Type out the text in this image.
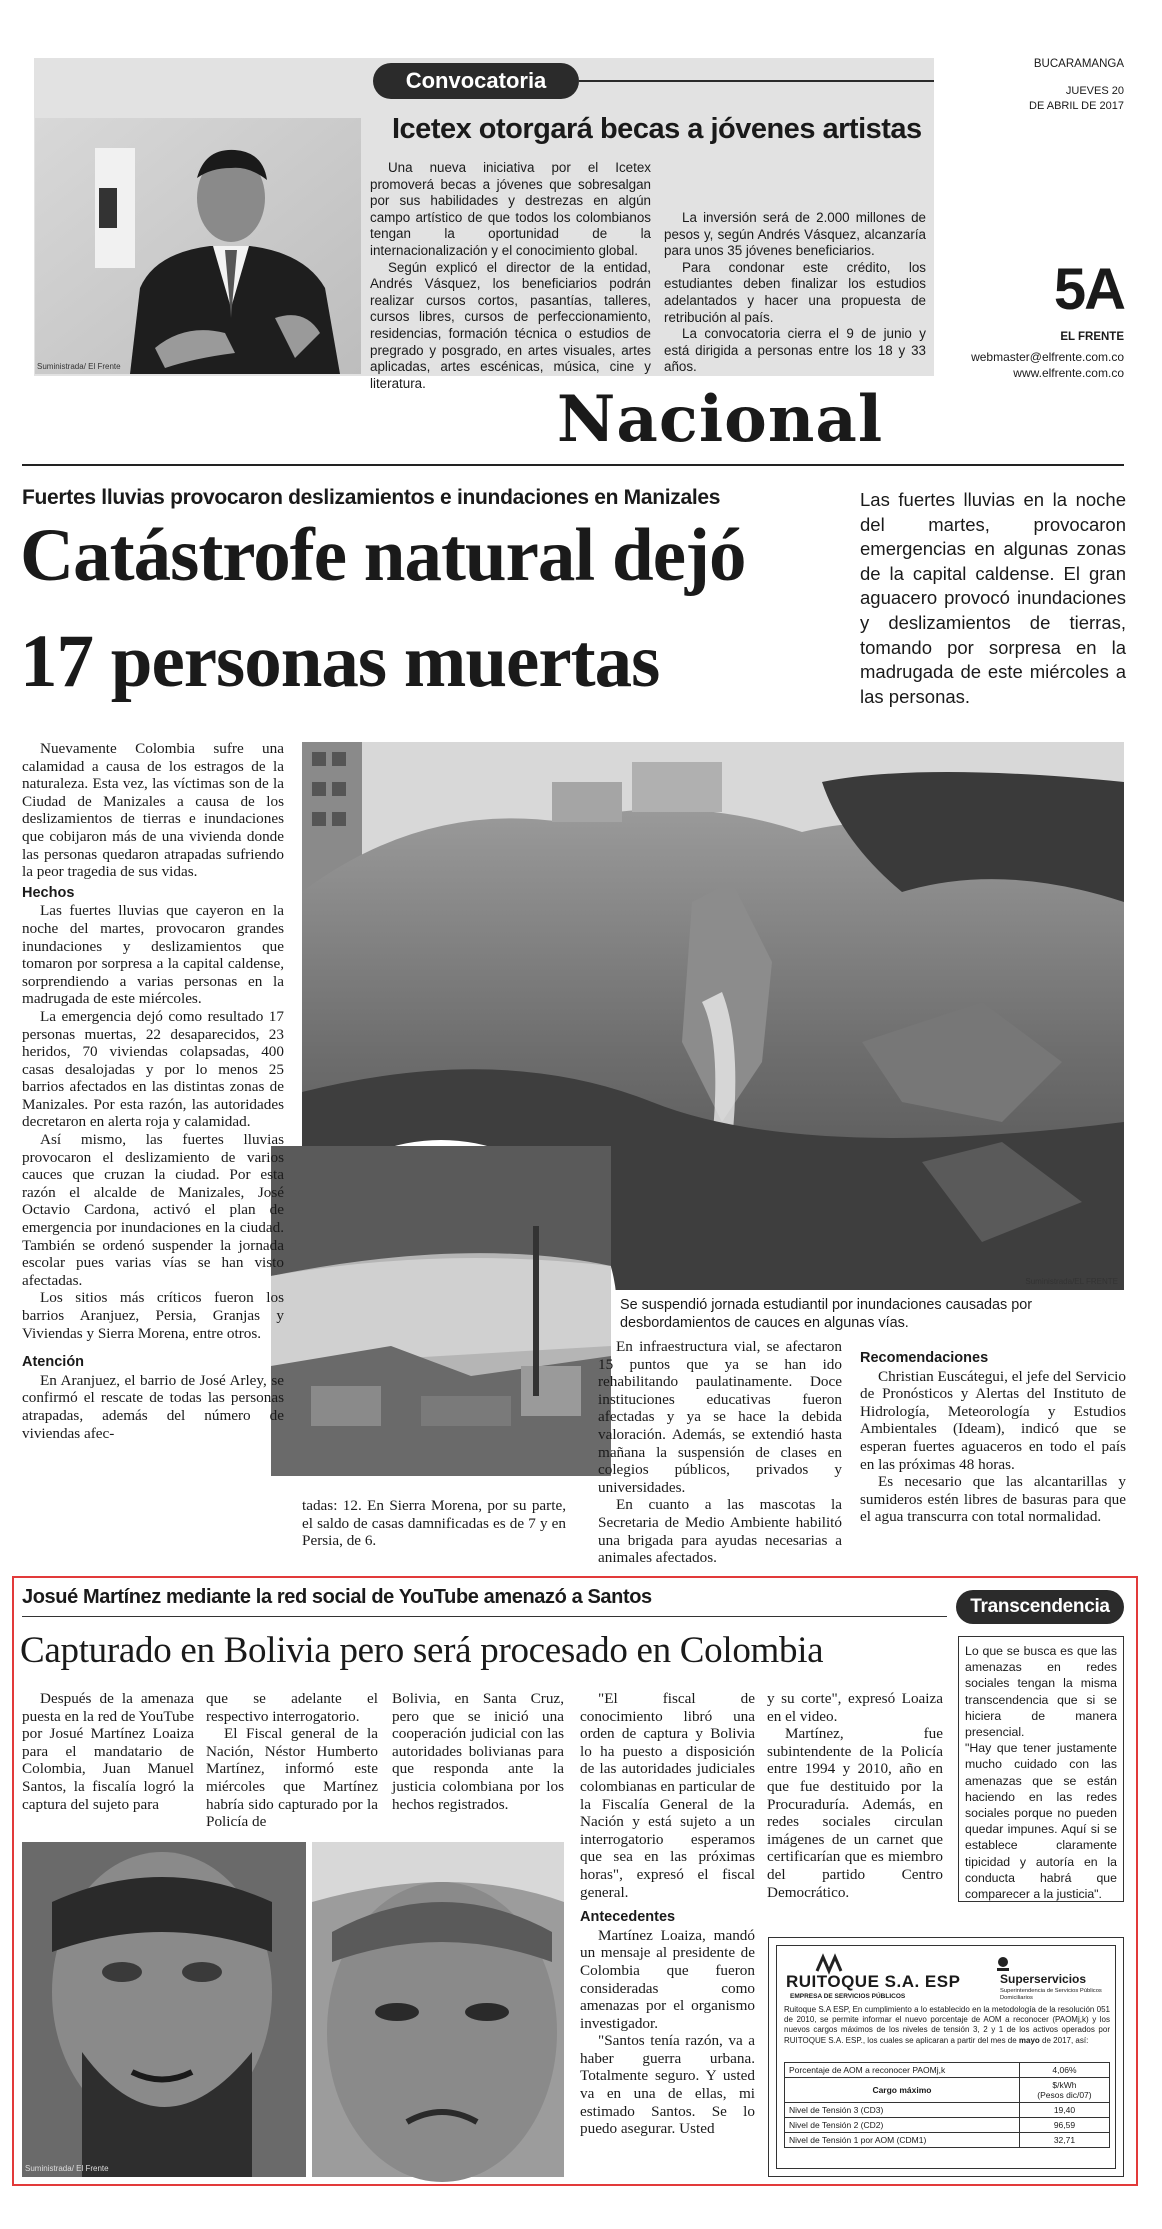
Suministrada/ El Frente
Convocatoria
Icetex otorgará becas a jóvenes artistas

Una nueva iniciativa por el Icetex promoverá becas a jóvenes que sobresalgan por sus habilidades y destrezas en algún campo artístico de que todos los colombianos tengan la oportunidad de la internacionalización y el conocimiento global.

Según explicó el director de la entidad, Andrés Vásquez, los beneficiarios podrán realizar cursos cortos, pasantías, talleres, cursos libres, cursos de perfeccionamiento, residencias, formación técnica o estudios de pregrado y posgrado, en artes visuales, artes aplicadas, artes escénicas, música, cine y literatura.

La inversión será de 2.000 millones de pesos y, según Andrés Vásquez, alcanzaría para unos 35 jóvenes beneficiarios.

Para condonar este crédito, los estudiantes deben finalizar los estudios adelantados y hacer una propuesta de retribución al país.

La convocatoria cierra el 9 de junio y está dirigida a personas entre los 18 y 33 años.

BUCARAMANGA
JUEVES 20
DE ABRIL DE 2017
5A
EL FRENTE
webmaster@elfrente.com.co
www.elfrente.com.co
Nacional
Fuertes lluvias provocaron deslizamientos e inundaciones en Manizales
Catástrofe natural dejó
17 personas muertas
Las fuertes lluvias en la noche del martes, provocaron emergencias en algunas zonas de la capital caldense. El gran aguacero provocó inundaciones y deslizamientos de tierras, tomando por sorpresa en la madrugada de este miércoles a las personas.
Suministrada/EL FRENTE
Se suspendió jornada estudiantil por inundaciones causadas por desbordamientos de cauces en algunas vías.

Nuevamente Colombia sufre una calamidad a causa de los estragos de la naturaleza. Esta vez, las víctimas son de la Ciudad de Manizales a causa de los deslizamientos de tierras e inundaciones que cobijaron más de una vivienda donde las personas quedaron atrapadas sufriendo la peor tragedia de sus vidas.

Hechos

Las fuertes lluvias que cayeron en la noche del martes, provocaron grandes inundaciones y deslizamientos que tomaron por sorpresa a la capital caldense, sorprendiendo a varias personas en la madrugada de este miércoles.

La emergencia dejó como resultado 17 personas muertas, 22 desaparecidos, 23 heridos, 70 viviendas colapsadas, 400 casas desalojadas y por lo menos 25 barrios afectados en las distintas zonas de Manizales. Por esta razón, las autoridades decretaron en alerta roja y calamidad.

Así mismo, las fuertes lluvias provocaron el deslizamiento de varios cauces que cruzan la ciudad. Por esta razón el alcalde de Manizales, José Octavio Cardona, activó el plan de emergencia por inundaciones en la ciudad. También se ordenó suspender la jornada escolar pues varias vías se han visto afectadas.

Los sitios más críticos fueron los barrios Aranjuez, Persia, Granjas y Viviendas y Sierra Morena, entre otros.

Atención

En Aranjuez, el barrio de José Arley, se confirmó el rescate de todas las personas atrapadas, además del número de viviendas afec-

tadas: 12. En Sierra Morena, por su parte, el saldo de casas damnificadas es de 7 y en Persia, de 6.

En infraestructura vial, se afectaron 15 puntos que ya se han ido rehabilitando paulatinamente. Doce instituciones educativas fueron afectadas y ya se hace la debida valoración. Además, se extendió hasta mañana la suspensión de clases en colegios públicos, privados y universidades.

En cuanto a las mascotas la Secretaria de Medio Ambiente habilitó una brigada para ayudas necesarias a animales afectados.

Recomendaciones

Christian Euscátegui, el jefe del Servicio de Pronósticos y Alertas del Instituto de Hidrología, Meteorología y Estudios Ambientales (Ideam), indicó que se esperan fuertes aguaceros en todo el país en las próximas 48 horas.

Es necesario que las alcantarillas y sumideros estén libres de basuras para que el agua transcurra con total normalidad.

Josué Martínez mediante la red social de YouTube amenazó a Santos	Transcendencia
Capturado en Bolivia pero será procesado en Colombia	Lo que se busca es que las amenazas en redes sociales tengan la misma transcendencia que si se hiciera de manera presencial.
"Hay que tener justamente mucho cuidado con las amenazas que se están haciendo en las redes sociales porque no pueden quedar impunes. Aquí si se establece claramente tipicidad y autoría en la conducta habrá que comparecer a la justicia".

Después de la amenaza puesta en la red de YouTube por Josué Martínez Loaiza para el mandatario de Colombia, Juan Manuel Santos, la fiscalía logró la captura del sujeto para

que se adelante el respectivo interrogatorio.

El Fiscal general de la Nación, Néstor Humberto Martínez, informó este miércoles que Martínez habría sido capturado por la Policía de

Bolivia, en Santa Cruz, pero que se inició una cooperación judicial con las autoridades bolivianas para que responda ante la justicia colombiana por los hechos registrados.

"El fiscal de conocimiento libró una orden de captura y Bolivia lo ha puesto a disposición de las autoridades judiciales colombianas en particular de la Fiscalía General de la Nación y está sujeto a un interrogatorio esperamos que sea en las próximas horas", expresó el fiscal general.

Antecedentes

Martínez Loaiza, mandó un mensaje al presidente de Colombia que fueron consideradas como amenazas por el organismo investigador.

"Santos tenía razón, va a haber guerra urbana. Totalmente seguro. Y usted va en una de ellas, mi estimado Santos. Se lo puedo asegurar. Usted

y su corte", expresó Loaiza en el video.

Martínez, fue subintendente de la Policía entre 1994 y 2010, año en que fue destituido por la Procuraduría. Además, en redes sociales circulan imágenes de un carnet que certificarían que es miembro del partido Centro Democrático.

Suministrada/ El Frente
RUITOQUE S.A. ESP
EMPRESA DE SERVICIOS PÚBLICOS
Superservicios
Superintendencia de Servicios Públicos Domiciliarios
Ruitoque S.A ESP, En cumplimiento a lo establecido en la metodología de la resolución 051 de 2010, se permite informar el nuevo porcentaje de AOM a reconocer (PAOMj,k) y los nuevos cargos máximos de los niveles de tensión 3, 2 y 1 de los activos operados por RUITOQUE S.A. ESP., los cuales se aplicaran a partir del mes de mayo de 2017, así:
Porcentaje de AOM a reconocer PAOMj,k	4,06%
Cargo máximo	$/kWh
(Pesos dic/07)
Nivel de Tensión 3 (CD3)	19,40
Nivel de Tensión 2 (CD2)	96,59
Nivel de Tensión 1 por AOM (CDM1)	32,71
